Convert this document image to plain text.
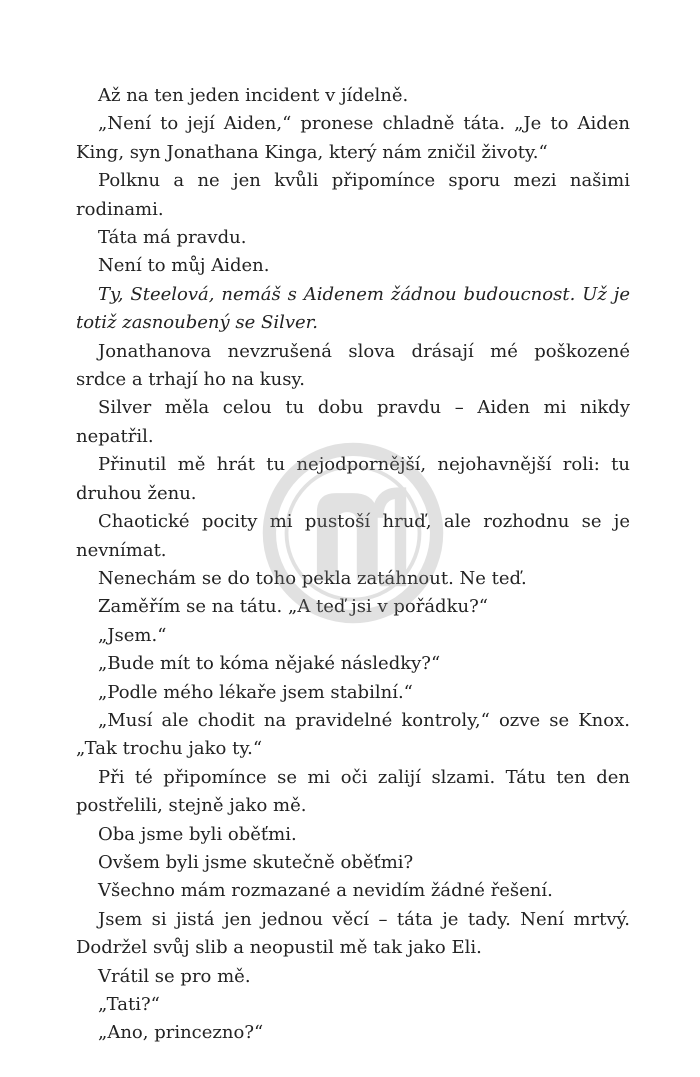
Až na ten jeden incident v jídelně.

„Není to její Aiden,“ pronese chladně táta. „Je to Aiden King, syn Jonathana Kinga, který nám zničil životy.“

Polknu a ne jen kvůli připomínce sporu mezi našimi rodinami.

Táta má pravdu.

Není to můj Aiden.

Ty, Steelová, nemáš s Aidenem žádnou budoucnost. Už je totiž zasnoubený se Silver.

Jonathanova nevzrušená slova drásají mé poškozené srdce a trhají ho na kusy.

Silver měla celou tu dobu pravdu – Aiden mi nikdy nepatřil.

Přinutil mě hrát tu nejodpornější, nejohavnější roli: tu druhou ženu.

Chaotické pocity mi pustoší hruď, ale rozhodnu se je nevnímat.

Nenechám se do toho pekla zatáhnout. Ne teď.

Zaměřím se na tátu. „A teď jsi v pořádku?“

„Jsem.“

„Bude mít to kóma nějaké následky?“

„Podle mého lékaře jsem stabilní.“

„Musí ale chodit na pravidelné kontroly,“ ozve se Knox. „Tak trochu jako ty.“

Při té připomínce se mi oči zalijí slzami. Tátu ten den postřelili, stejně jako mě.

Oba jsme byli oběťmi.

Ovšem byli jsme skutečně oběťmi?

Všechno mám rozmazané a nevidím žádné řešení.

Jsem si jistá jen jednou věcí – táta je tady. Není mrtvý. Dodržel svůj slib a neopustil mě tak jako Eli.

Vrátil se pro mě.

„Tati?“

„Ano, princezno?“
